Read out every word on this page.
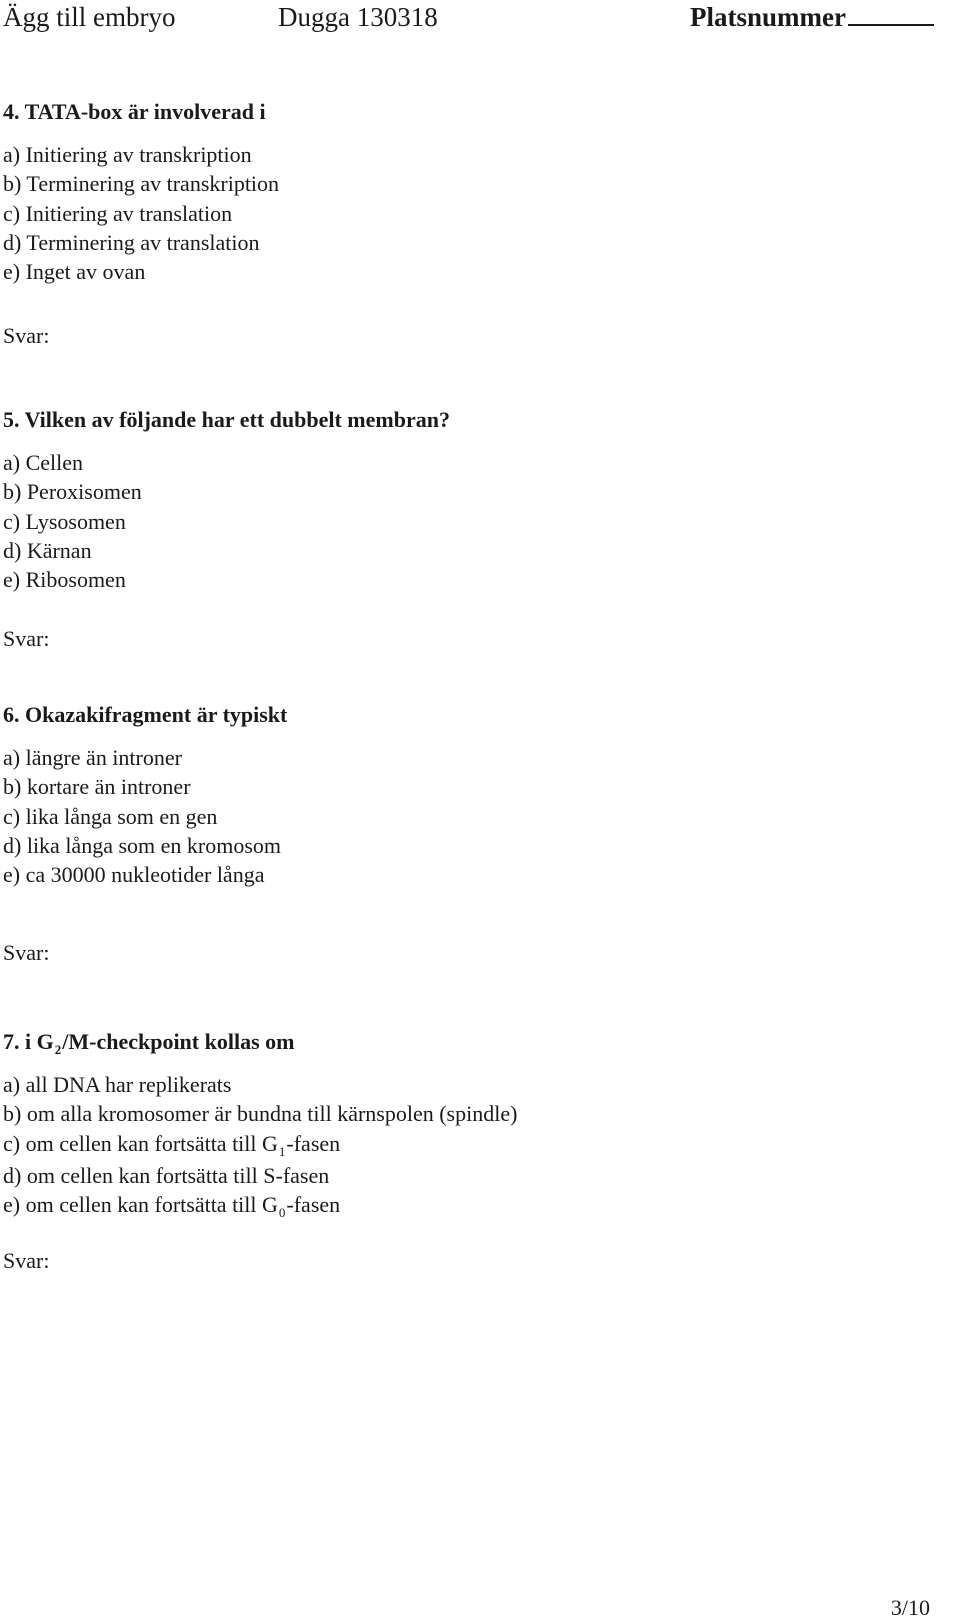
Ägg till embryo	Dugga 130318	Platsnummer
4. TATA-box är involverad i
a) Initiering av transkription
b) Terminering av transkription
c) Initiering av translation
d) Terminering av translation
e) Inget av ovan
Svar:
5. Vilken av följande har ett dubbelt membran?
a) Cellen
b) Peroxisomen
c) Lysosomen
d) Kärnan
e) Ribosomen
Svar:
6. Okazakifragment är typiskt
a) längre än introner
b) kortare än introner
c) lika långa som en gen
d) lika långa som en kromosom
e) ca 30000 nukleotider långa
Svar:
7. i $G_2/M$-checkpoint kollas om
a) all DNA har replikerats
b) om alla kromosomer är bundna till kärnspolen (spindle)
c) om cellen kan fortsätta till $G_1$-fasen
d) om cellen kan fortsätta till S-fasen
e) om cellen kan fortsätta till $G_0$-fasen
Svar:
3/10
